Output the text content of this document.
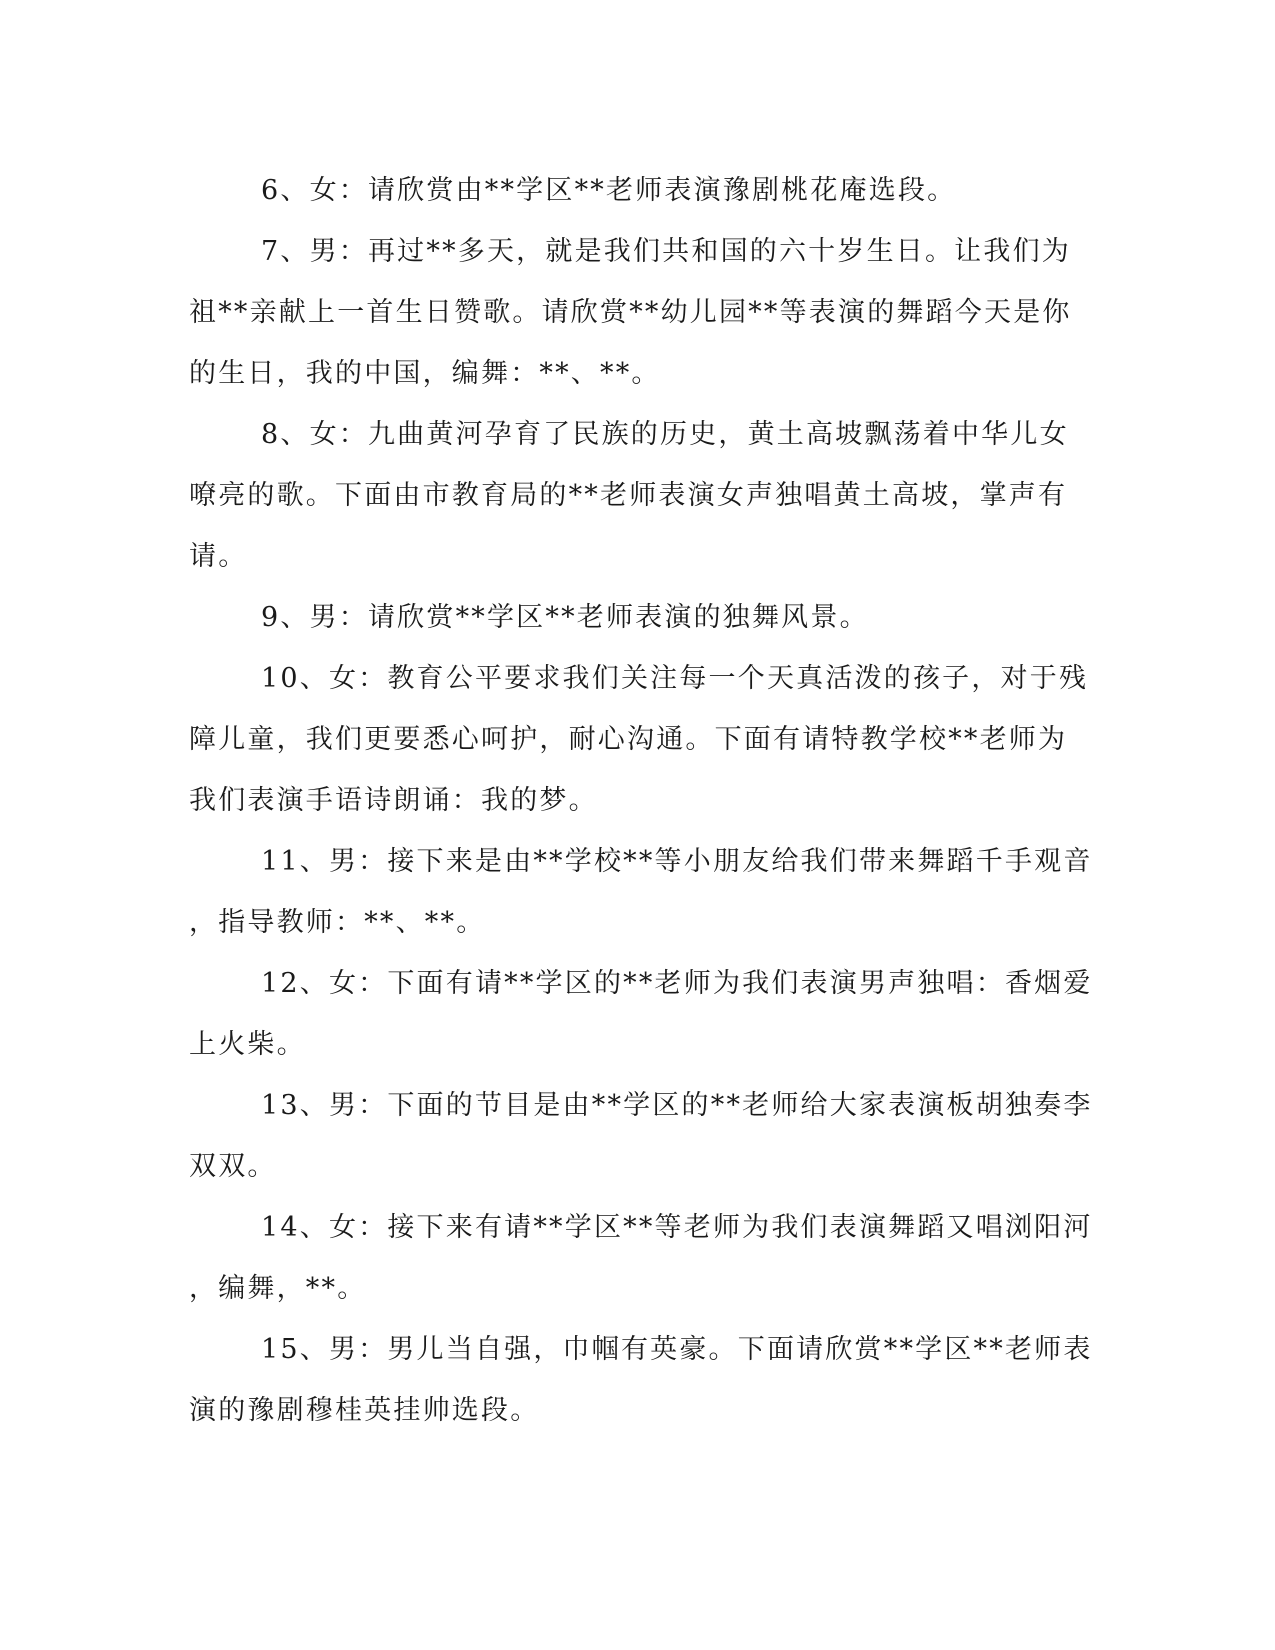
6、女：请欣赏由**学区**老师表演豫剧桃花庵选段。

7、男：再过**多天，就是我们共和国的六十岁生日。让我们为
祖**亲献上一首生日赞歌。请欣赏**幼儿园**等表演的舞蹈今天是你
的生日，我的中国，编舞：**、**。

8、女：九曲黄河孕育了民族的历史，黄土高坡飘荡着中华儿女
嘹亮的歌。下面由市教育局的**老师表演女声独唱黄土高坡，掌声有
请。

9、男：请欣赏**学区**老师表演的独舞风景。

10、女：教育公平要求我们关注每一个天真活泼的孩子，对于残
障儿童，我们更要悉心呵护，耐心沟通。下面有请特教学校**老师为
我们表演手语诗朗诵：我的梦。

11、男：接下来是由**学校**等小朋友给我们带来舞蹈千手观音
，指导教师：**、**。

12、女：下面有请**学区的**老师为我们表演男声独唱：香烟爱
上火柴。

13、男：下面的节目是由**学区的**老师给大家表演板胡独奏李
双双。

14、女：接下来有请**学区**等老师为我们表演舞蹈又唱浏阳河
，编舞，**。

15、男：男儿当自强，巾帼有英豪。下面请欣赏**学区**老师表
演的豫剧穆桂英挂帅选段。
